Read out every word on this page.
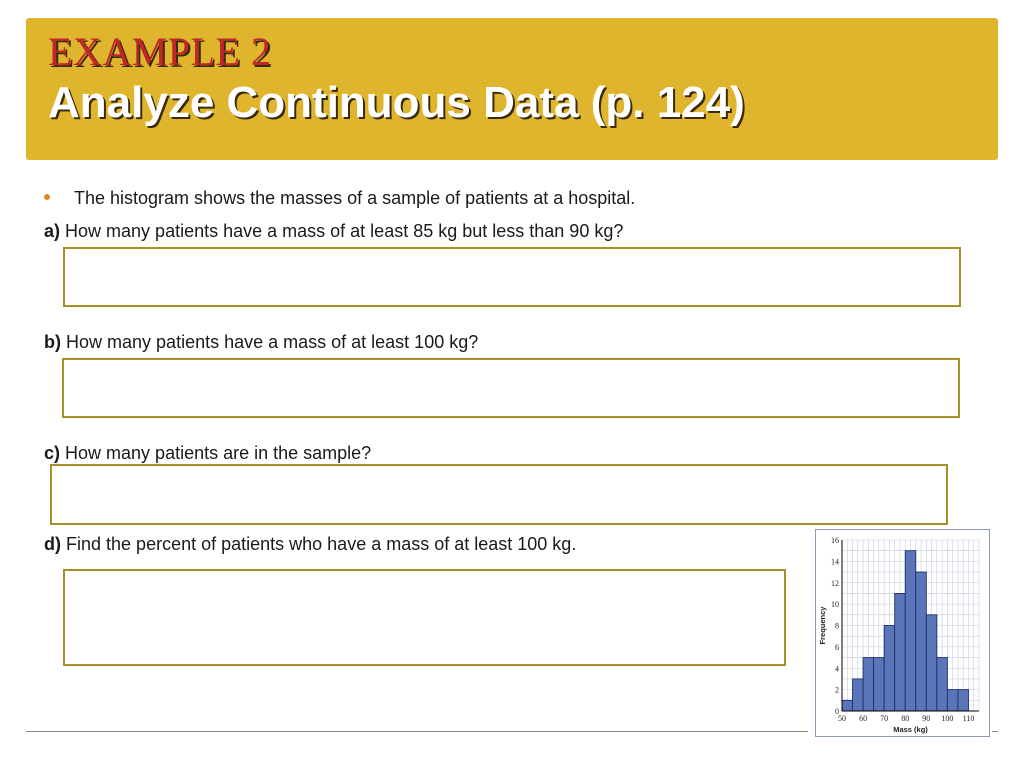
EXAMPLE 2
Analyze Continuous Data (p. 124)
The histogram shows the masses of a sample of patients at a hospital.
a) How many patients have a mass of at least 85 kg but less than 90 kg?
b) How many patients have a mass of at least 100 kg?
c) How many patients are in the sample?
d) Find the percent of patients who have a mass of at least 100 kg.
50 60 70 80 90 100 110
0
2
4
6
8
10
12
14
16
Mass (kg)
Frequency
